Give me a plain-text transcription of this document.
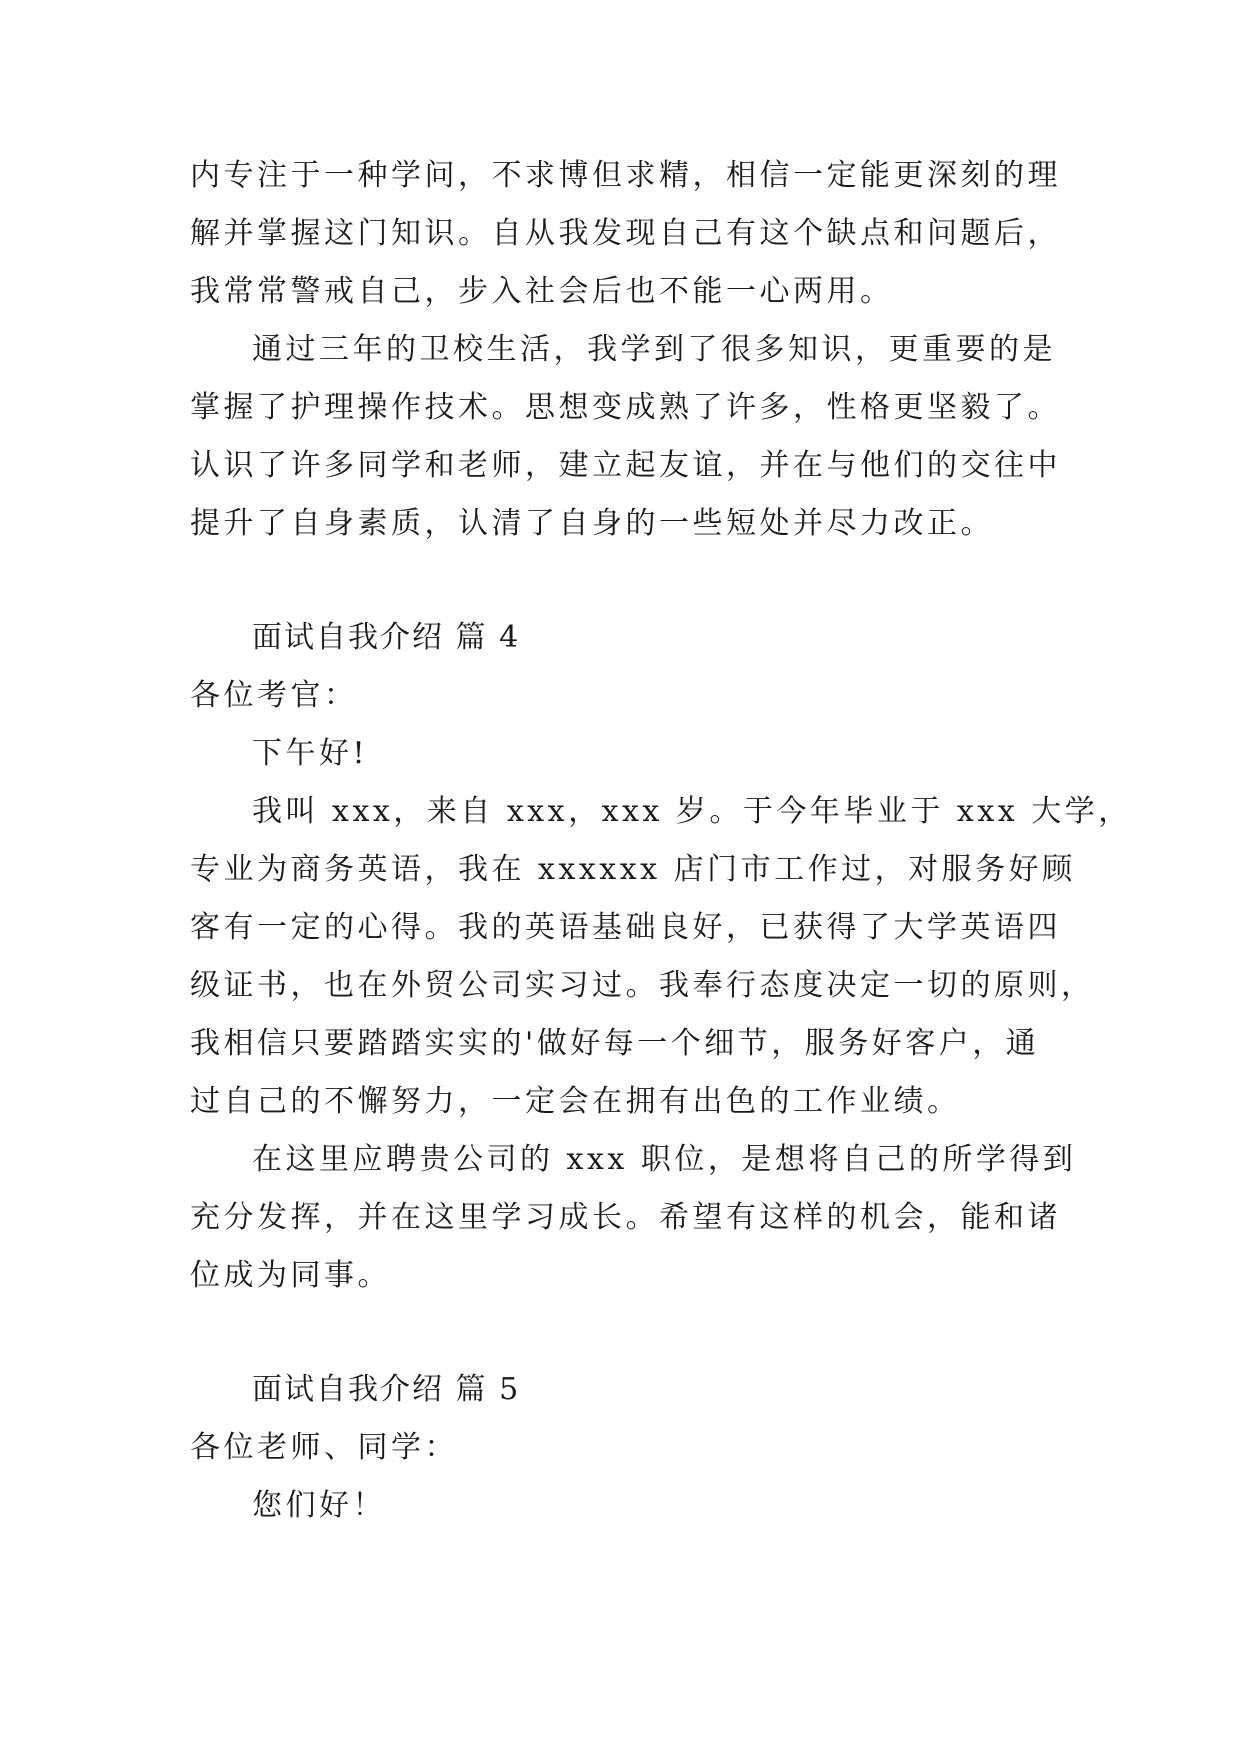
内专注于一种学问，不求博但求精，相信一定能更深刻的理
解并掌握这门知识。自从我发现自己有这个缺点和问题后，
我常常警戒自己，步入社会后也不能一心两用。
通过三年的卫校生活，我学到了很多知识，更重要的是
掌握了护理操作技术。思想变成熟了许多，性格更坚毅了。
认识了许多同学和老师，建立起友谊，并在与他们的交往中
提升了自身素质，认清了自身的一些短处并尽力改正。
面试自我介绍 篇 4
各位考官：
下午好!
我叫 xxx，来自 xxx，xxx 岁。于今年毕业于 xxx 大学，
专业为商务英语，我在 xxxxxx 店门市工作过，对服务好顾
客有一定的心得。我的英语基础良好，已获得了大学英语四
级证书，也在外贸公司实习过。我奉行态度决定一切的原则，
我相信只要踏踏实实的'做好每一个细节，服务好客户，通
过自己的不懈努力，一定会在拥有出色的工作业绩。
在这里应聘贵公司的 xxx 职位，是想将自己的所学得到
充分发挥，并在这里学习成长。希望有这样的机会，能和诸
位成为同事。
面试自我介绍 篇 5
各位老师、同学：
您们好！
